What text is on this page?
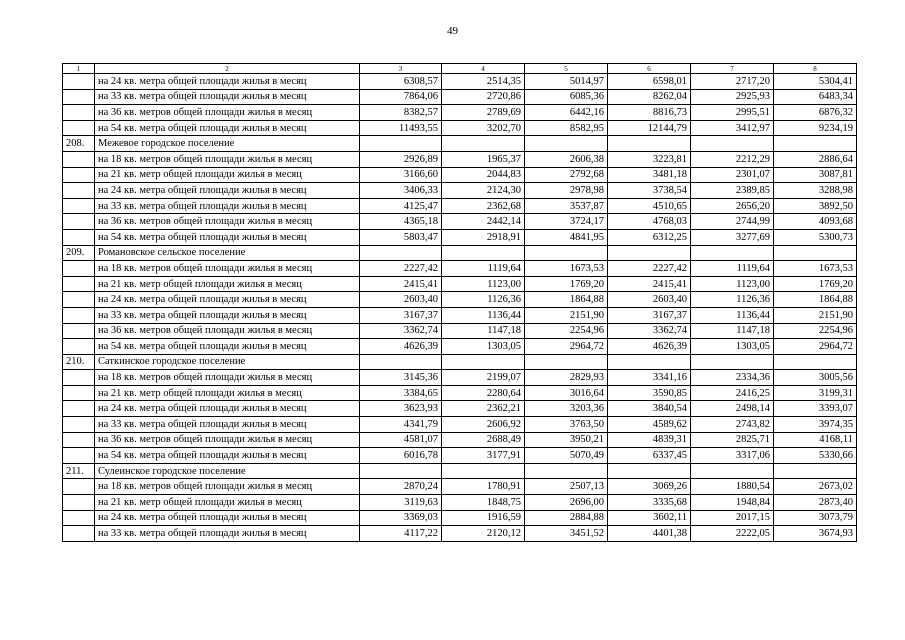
49
1	2	3	4	5	6	7	8
	на 24 кв. метра общей площади жилья в месяц	6308,57	2514,35	5014,97	6598,01	2717,20	5304,41
	на 33 кв. метра общей площади жилья в месяц	7864,06	2720,86	6085,36	8262,04	2925,93	6483,34
	на 36 кв. метров общей площади жилья в месяц	8382,57	2789,69	6442,16	8816,73	2995,51	6876,32
	на 54 кв. метра общей площади жилья в месяц	11493,55	3202,70	8582,95	12144,79	3412,97	9234,19
208.	Межевое городское поселение						
	на 18 кв. метров общей площади жилья в месяц	2926,89	1965,37	2606,38	3223,81	2212,29	2886,64
	на 21 кв. метр общей площади жилья в месяц	3166,60	2044,83	2792,68	3481,18	2301,07	3087,81
	на 24 кв. метра общей площади жилья в месяц	3406,33	2124,30	2978,98	3738,54	2389,85	3288,98
	на 33 кв. метра общей площади жилья в месяц	4125,47	2362,68	3537,87	4510,65	2656,20	3892,50
	на 36 кв. метров общей площади жилья в месяц	4365,18	2442,14	3724,17	4768,03	2744,99	4093,68
	на 54 кв. метра общей площади жилья в месяц	5803,47	2918,91	4841,95	6312,25	3277,69	5300,73
209.	Романовское сельское поселение						
	на 18 кв. метров общей площади жилья в месяц	2227,42	1119,64	1673,53	2227,42	1119,64	1673,53
	на 21 кв. метр общей площади жилья в месяц	2415,41	1123,00	1769,20	2415,41	1123,00	1769,20
	на 24 кв. метра общей площади жилья в месяц	2603,40	1126,36	1864,88	2603,40	1126,36	1864,88
	на 33 кв. метра общей площади жилья в месяц	3167,37	1136,44	2151,90	3167,37	1136,44	2151,90
	на 36 кв. метров общей площади жилья в месяц	3362,74	1147,18	2254,96	3362,74	1147,18	2254,96
	на 54 кв. метра общей площади жилья в месяц	4626,39	1303,05	2964,72	4626,39	1303,05	2964,72
210.	Саткинское городское поселение						
	на 18 кв. метров общей площади жилья в месяц	3145,36	2199,07	2829,93	3341,16	2334,36	3005,56
	на 21 кв. метр общей площади жилья в месяц	3384,65	2280,64	3016,64	3590,85	2416,25	3199,31
	на 24 кв. метра общей площади жилья в месяц	3623,93	2362,21	3203,36	3840,54	2498,14	3393,07
	на 33 кв. метра общей площади жилья в месяц	4341,79	2606,92	3763,50	4589,62	2743,82	3974,35
	на 36 кв. метров общей площади жилья в месяц	4581,07	2688,49	3950,21	4839,31	2825,71	4168,11
	на 54 кв. метра общей площади жилья в месяц	6016,78	3177,91	5070,49	6337,45	3317,06	5330,66
211.	Сулеинское городское поселение						
	на 18 кв. метров общей площади жилья в месяц	2870,24	1780,91	2507,13	3069,26	1880,54	2673,02
	на 21 кв. метр общей площади жилья в месяц	3119,63	1848,75	2696,00	3335,68	1948,84	2873,40
	на 24 кв. метра общей площади жилья в месяц	3369,03	1916,59	2884,88	3602,11	2017,15	3073,79
	на 33 кв. метра общей площади жилья в месяц	4117,22	2120,12	3451,52	4401,38	2222,05	3674,93
